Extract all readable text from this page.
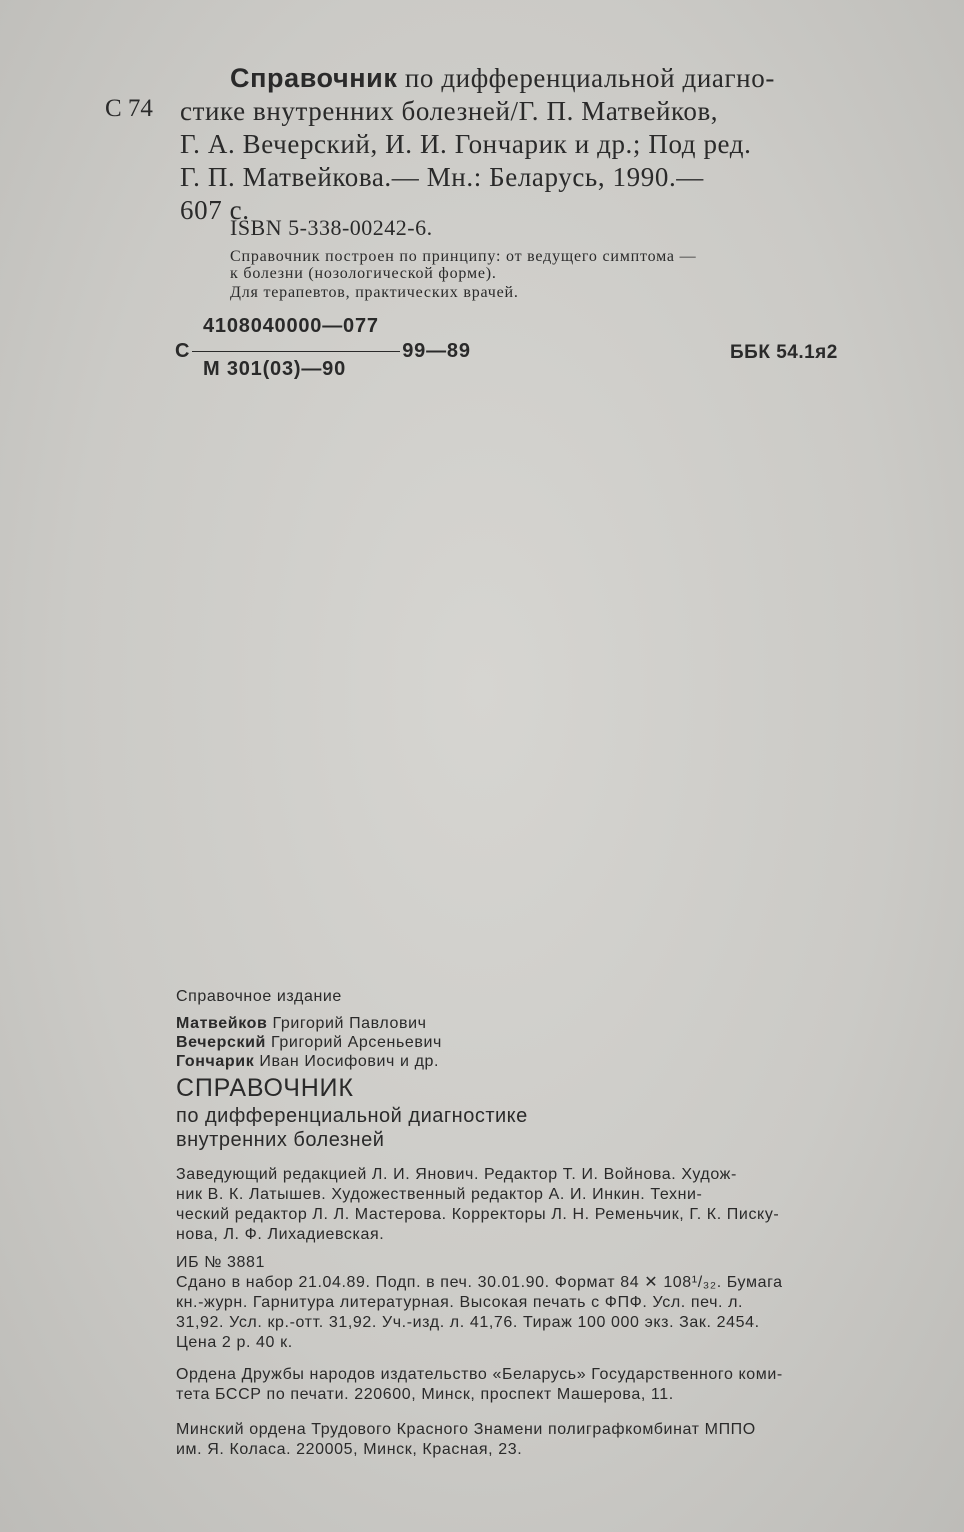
С 74

Справочник по дифференциальной диагно-

стике внутренних болезней/Г. П. Матвейков,

Г. А. Вечерский, И. И. Гончарик и др.; Под ред.

Г. П. Матвейкова.— Мн.: Беларусь, 1990.—

607 с.

ISBN 5-338-00242-6.
Справочник построен по принципу: от ведущего симптома —
к болезни (нозологической форме).
Для терапевтов, практических врачей.
4108040000—077
С	99—89
М 301(03)—90
ББК 54.1я2
Справочное издание
Матвейков Григорий Павлович
Вечерский Григорий Арсеньевич
Гончарик Иван Иосифович и др.
СПРАВОЧНИК
по дифференциальной диагностике
внутренних болезней

Заведующий редакцией Л. И. Янович. Редактор Т. И. Войнова. Худож-

ник В. К. Латышев. Художественный редактор А. И. Инкин. Техни-

ческий редактор Л. Л. Мастерова. Корректоры Л. Н. Ременьчик, Г. К. Пиcку-

нова, Л. Ф. Лихадиевская.

ИБ № 3881

Сдано в набор 21.04.89. Подп. в печ. 30.01.90. Формат 84 ✕ 108¹/₃₂. Бумага

кн.-журн. Гарнитура литературная. Высокая печать с ФПФ. Усл. печ. л.

31,92. Усл. кр.-отт. 31,92. Уч.-изд. л. 41,76. Тираж 100 000 экз. Зак. 2454.

Цена 2 р. 40 к.

Ордена Дружбы народов издательство «Беларусь» Государственного коми-

тета БССР по печати. 220600, Минск, проспект Машерова, 11.

Минский ордена Трудового Красного Знамени полиграфкомбинат МППО

им. Я. Коласа. 220005, Минск, Красная, 23.
